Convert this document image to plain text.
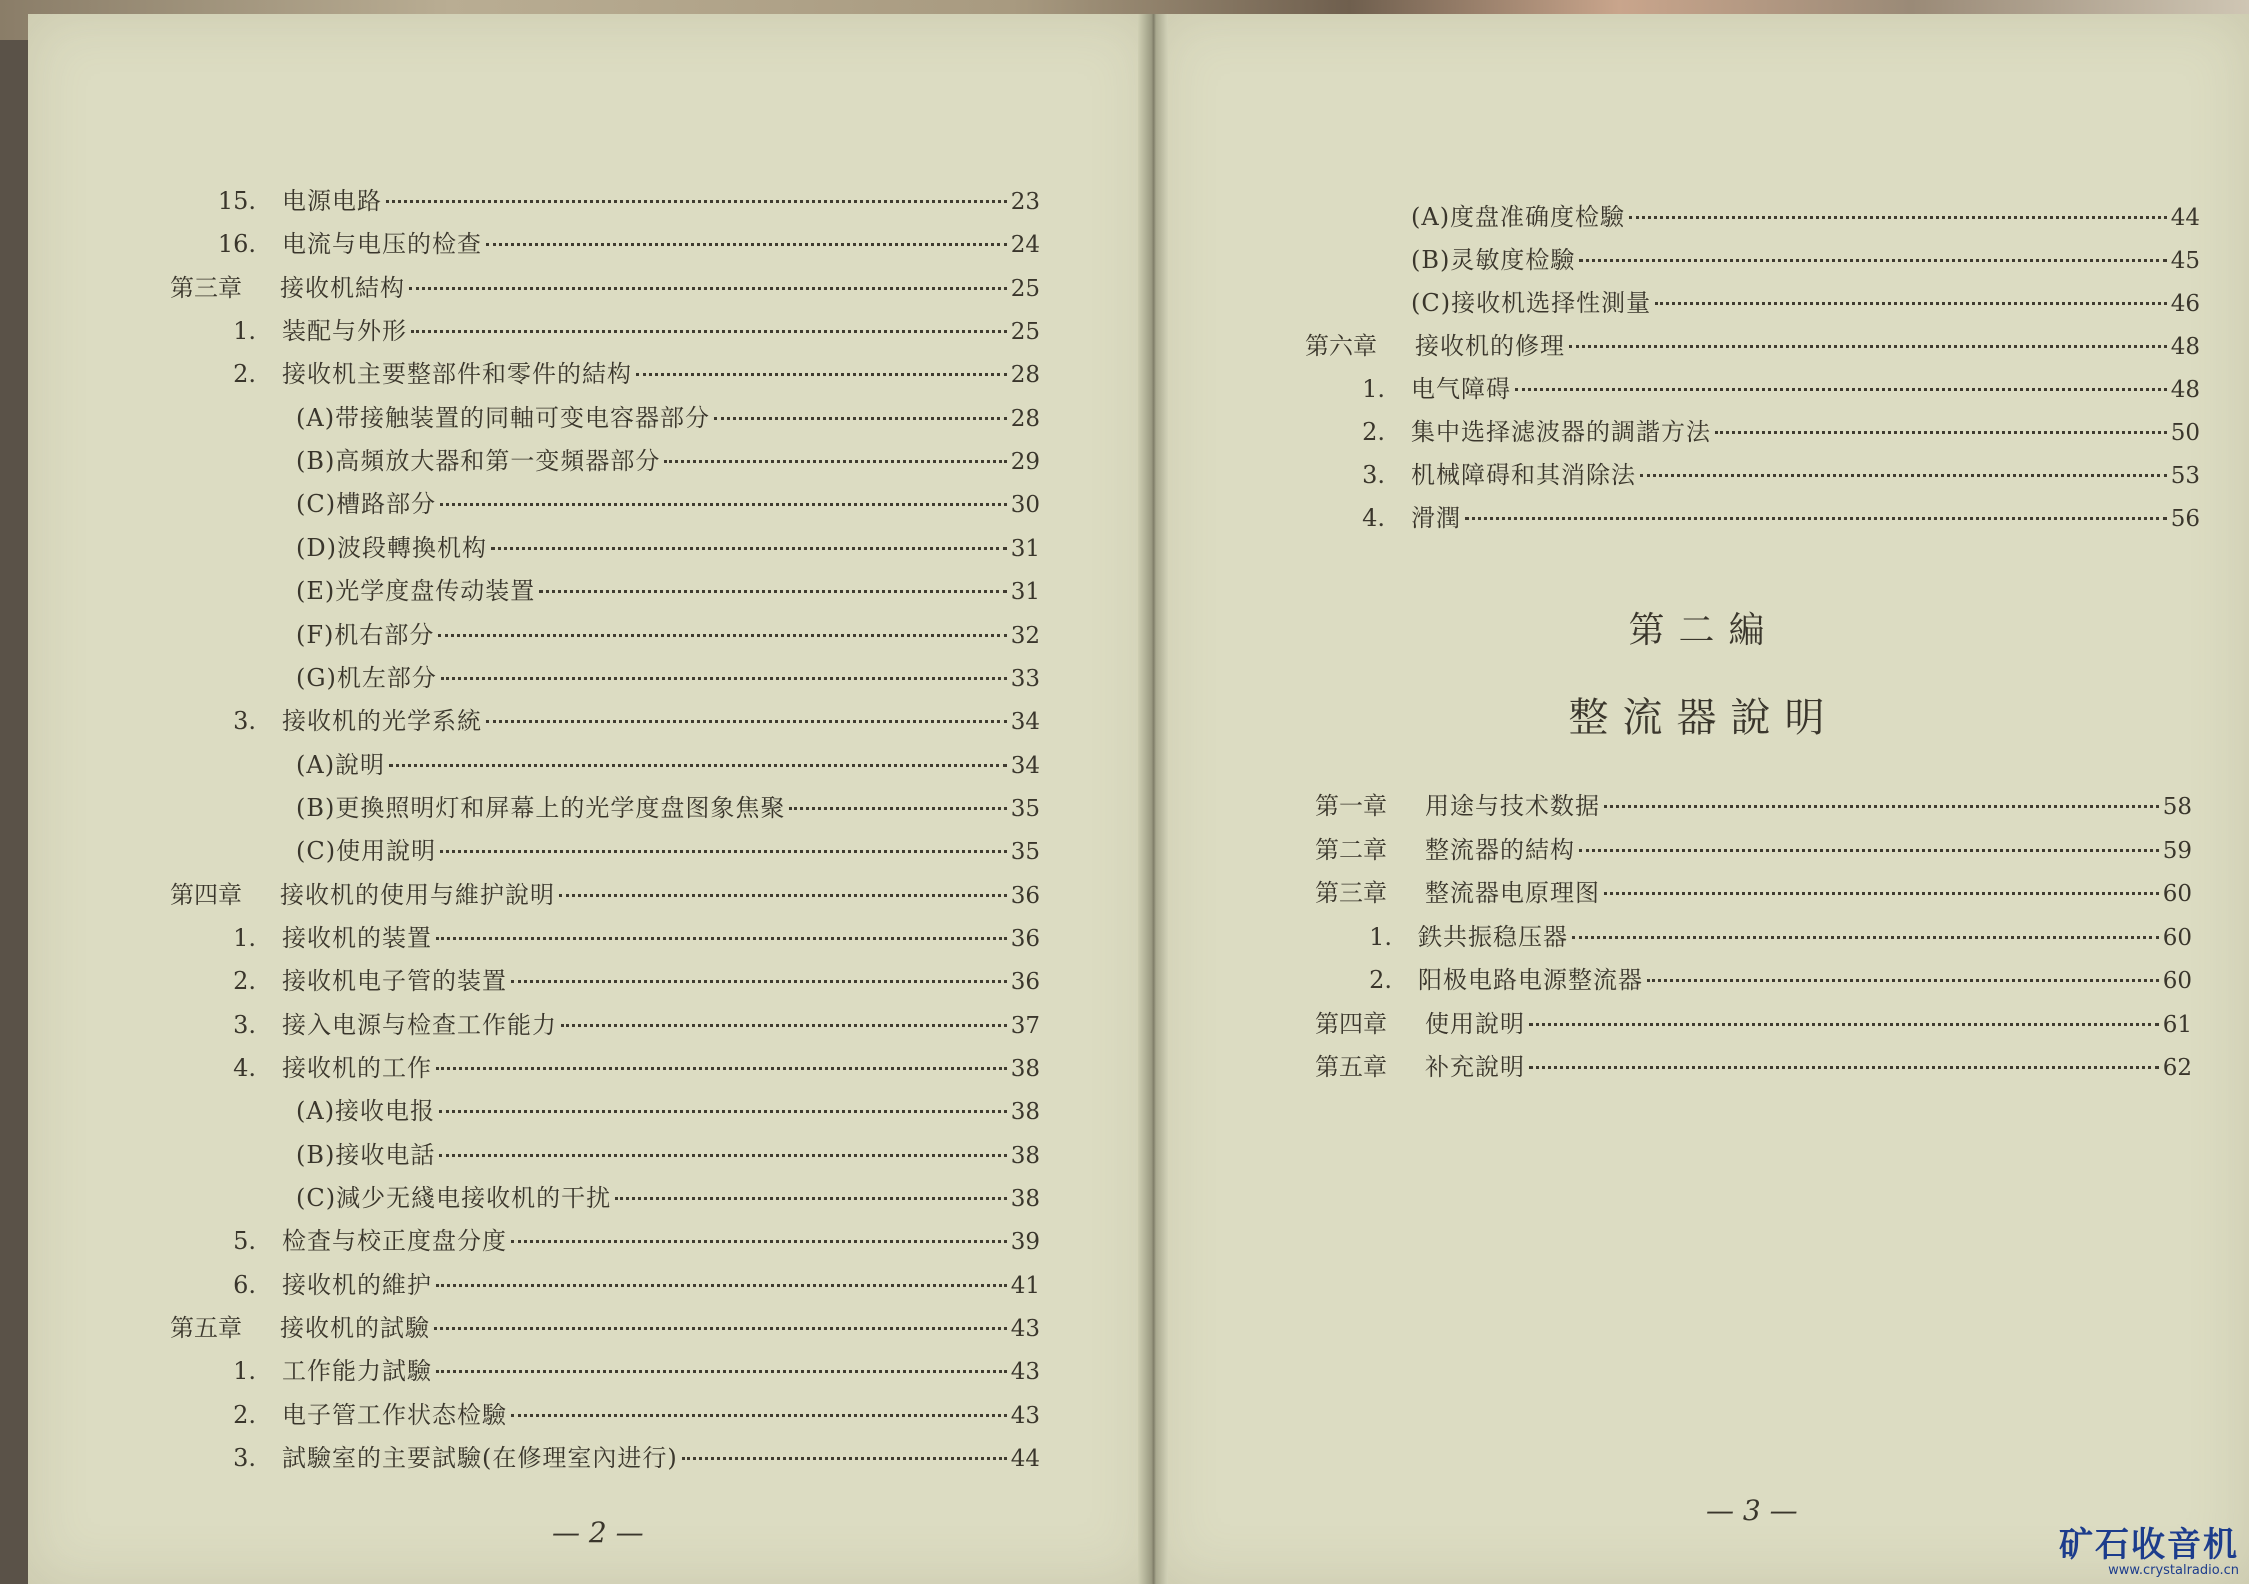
15. 电源电路	23
16. 电流与电压的检查	24
第三章	接收机結构	25
1. 装配与外形	25
2. 接收机主要整部件和零件的結构	28
(A)带接触装置的同軸可变电容器部分	28
(B)高頻放大器和第一变頻器部分	29
(C)槽路部分	30
(D)波段轉換机构	31
(E)光学度盘传动装置	31
(F)机右部分	32
(G)机左部分	33
3. 接收机的光学系統	34
(A)說明	34
(B)更換照明灯和屏幕上的光学度盘图象焦聚	35
(C)使用說明	35
第四章	接收机的使用与維护說明	36
1. 接收机的装置	36
2. 接收机电子管的装置	36
3. 接入电源与检查工作能力	37
4. 接收机的工作	38
(A)接收电报	38
(B)接收电話	38
(C)減少无綫电接收机的干扰	38
5. 检査与校正度盘分度	39
6. 接收机的維护	41
第五章	接收机的試驗	43
1. 工作能力試驗	43
2. 电子管工作状态检驗	43
3. 試驗室的主要試驗(在修理室內进行)	44
(A)度盘准确度检驗	44
(B)灵敏度检驗	45
(C)接收机选择性測量	46
第六章	接收机的修理	48
1. 电气障碍	48
2. 集中选择滤波器的調諧方法	50
3. 机械障碍和其消除法	53
4. 滑潤	56
第二編
整流器說明
第一章	用途与技术数据	58
第二章	整流器的結构	59
第三章	整流器电原理图	60
1. 鉄共振稳压器	60
2. 阳极电路电源整流器	60
第四章	使用說明	61
第五章	补充說明	62
— 2 —
— 3 —
矿石收音机
www.crystalradio.cn
